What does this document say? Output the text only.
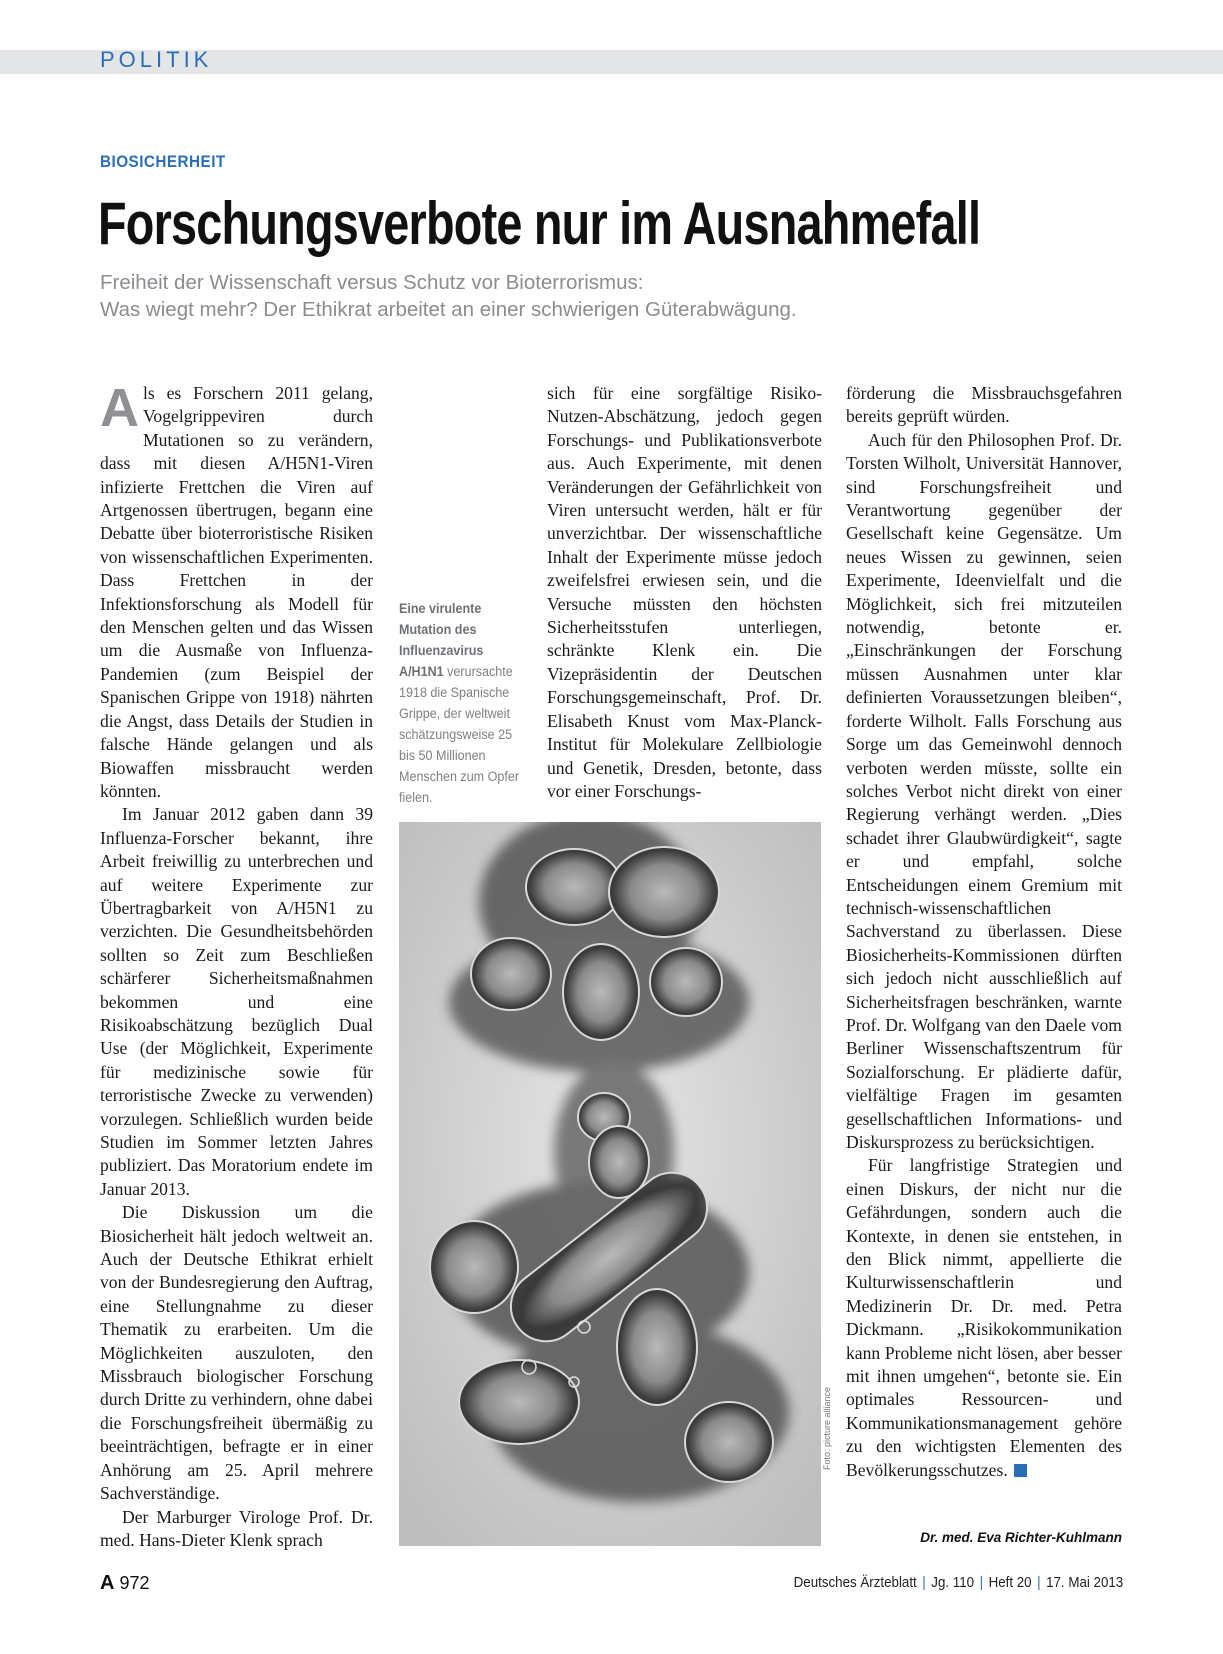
POLITIK
BIOSICHERHEIT
Forschungsverbote nur im Ausnahmefall
Freiheit der Wissenschaft versus Schutz vor Bioterrorismus:
Was wiegt mehr? Der Ethikrat arbeitet an einer schwierigen Güterabwägung.

Als es Forschern 2011 gelang, Vogelgrippeviren durch Mutationen so zu verändern, dass mit diesen A/H5N1-Viren infizierte Frettchen die Viren auf Artgenossen übertrugen, begann eine Debatte über bioterroristische Risiken von wissenschaftlichen Experimenten. Dass Frettchen in der Infektionsforschung als Modell für den Menschen gelten und das Wissen um die Ausmaße von Influenza-Pandemien (zum Beispiel der Spanischen Grippe von 1918) nährten die Angst, dass Details der Studien in falsche Hände gelangen und als Biowaffen missbraucht werden könnten.

Im Januar 2012 gaben dann 39 Influenza-Forscher bekannt, ihre Arbeit freiwillig zu unterbrechen und auf weitere Experimente zur Übertragbarkeit von A/H5N1 zu verzichten. Die Gesundheitsbehörden sollten so Zeit zum Beschließen schärferer Sicherheitsmaßnahmen bekommen und eine Risikoabschätzung bezüglich Dual Use (der Möglichkeit, Experimente für medizinische sowie für terroristische Zwecke zu verwenden) vorzulegen. Schließlich wurden beide Studien im Sommer letzten Jahres publiziert. Das Moratorium endete im Januar 2013.

Die Diskussion um die Biosicherheit hält jedoch weltweit an. Auch der Deutsche Ethikrat erhielt von der Bundesregierung den Auftrag, eine Stellungnahme zu dieser Thematik zu erarbeiten. Um die Möglichkeiten auszuloten, den Missbrauch biologischer Forschung durch Dritte zu verhindern, ohne dabei die Forschungsfreiheit übermäßig zu beeinträchtigen, befragte er in einer Anhörung am 25. April mehrere Sachverständige.

Der Marburger Virologe Prof. Dr. med. Hans-Dieter Klenk sprach

Eine virulente Mutation des Influenzavirus A/H1N1 verursachte 1918 die Spanische Grippe, der weltweit schätzungsweise 25 bis 50 Millionen Menschen zum Opfer fielen.

sich für eine sorgfältige Risiko-Nutzen-Abschätzung, jedoch gegen Forschungs- und Publikationsverbote aus. Auch Experimente, mit denen Veränderungen der Gefährlichkeit von Viren untersucht werden, hält er für unverzichtbar. Der wissenschaftliche Inhalt der Experimente müsse jedoch zweifelsfrei erwiesen sein, und die Versuche müssten den höchsten Sicherheitsstufen unterliegen, schränkte Klenk ein. Die Vizepräsidentin der Deutschen Forschungsgemeinschaft, Prof. Dr. Elisabeth Knust vom Max-Planck-Institut für Molekulare Zellbiologie und Genetik, Dresden, betonte, dass vor einer Forschungs-

Foto: picture alliance

förderung die Missbrauchsgefahren bereits geprüft würden.

Auch für den Philosophen Prof. Dr. Torsten Wilholt, Universität Hannover, sind Forschungsfreiheit und Verantwortung gegenüber der Gesellschaft keine Gegensätze. Um neues Wissen zu gewinnen, seien Experimente, Ideenvielfalt und die Möglichkeit, sich frei mitzuteilen notwendig, betonte er. „Einschränkungen der Forschung müssen Ausnahmen unter klar definierten Voraussetzungen bleiben“, forderte Wilholt. Falls Forschung aus Sorge um das Gemeinwohl dennoch verboten werden müsste, sollte ein solches Verbot nicht direkt von einer Regierung verhängt werden. „Dies schadet ihrer Glaubwürdigkeit“, sagte er und empfahl, solche Entscheidungen einem Gremium mit technisch-wissenschaftlichen Sachverstand zu überlassen. Diese Biosicherheits-Kommissionen dürften sich jedoch nicht ausschließlich auf Sicherheitsfragen beschränken, warnte Prof. Dr. Wolfgang van den Daele vom Berliner Wissenschaftszentrum für Sozialforschung. Er plädierte dafür, vielfältige Fragen im gesamten gesellschaftlichen Informations- und Diskursprozess zu berücksichtigen.

Für langfristige Strategien und einen Diskurs, der nicht nur die Gefährdungen, sondern auch die Kontexte, in denen sie entstehen, in den Blick nimmt, appellierte die Kulturwissenschaftlerin und Medizinerin Dr. Dr. med. Petra Dickmann. „Risikokommunikation kann Probleme nicht lösen, aber besser mit ihnen umgehen“, betonte sie. Ein optimales Ressourcen- und Kommunikationsmanagement gehöre zu den wichtigsten Elementen des Bevölkerungsschutzes.

Dr. med. Eva Richter-Kuhlmann
A 972	Deutsches Ärzteblatt | Jg. 110 | Heft 20 | 17. Mai 2013
